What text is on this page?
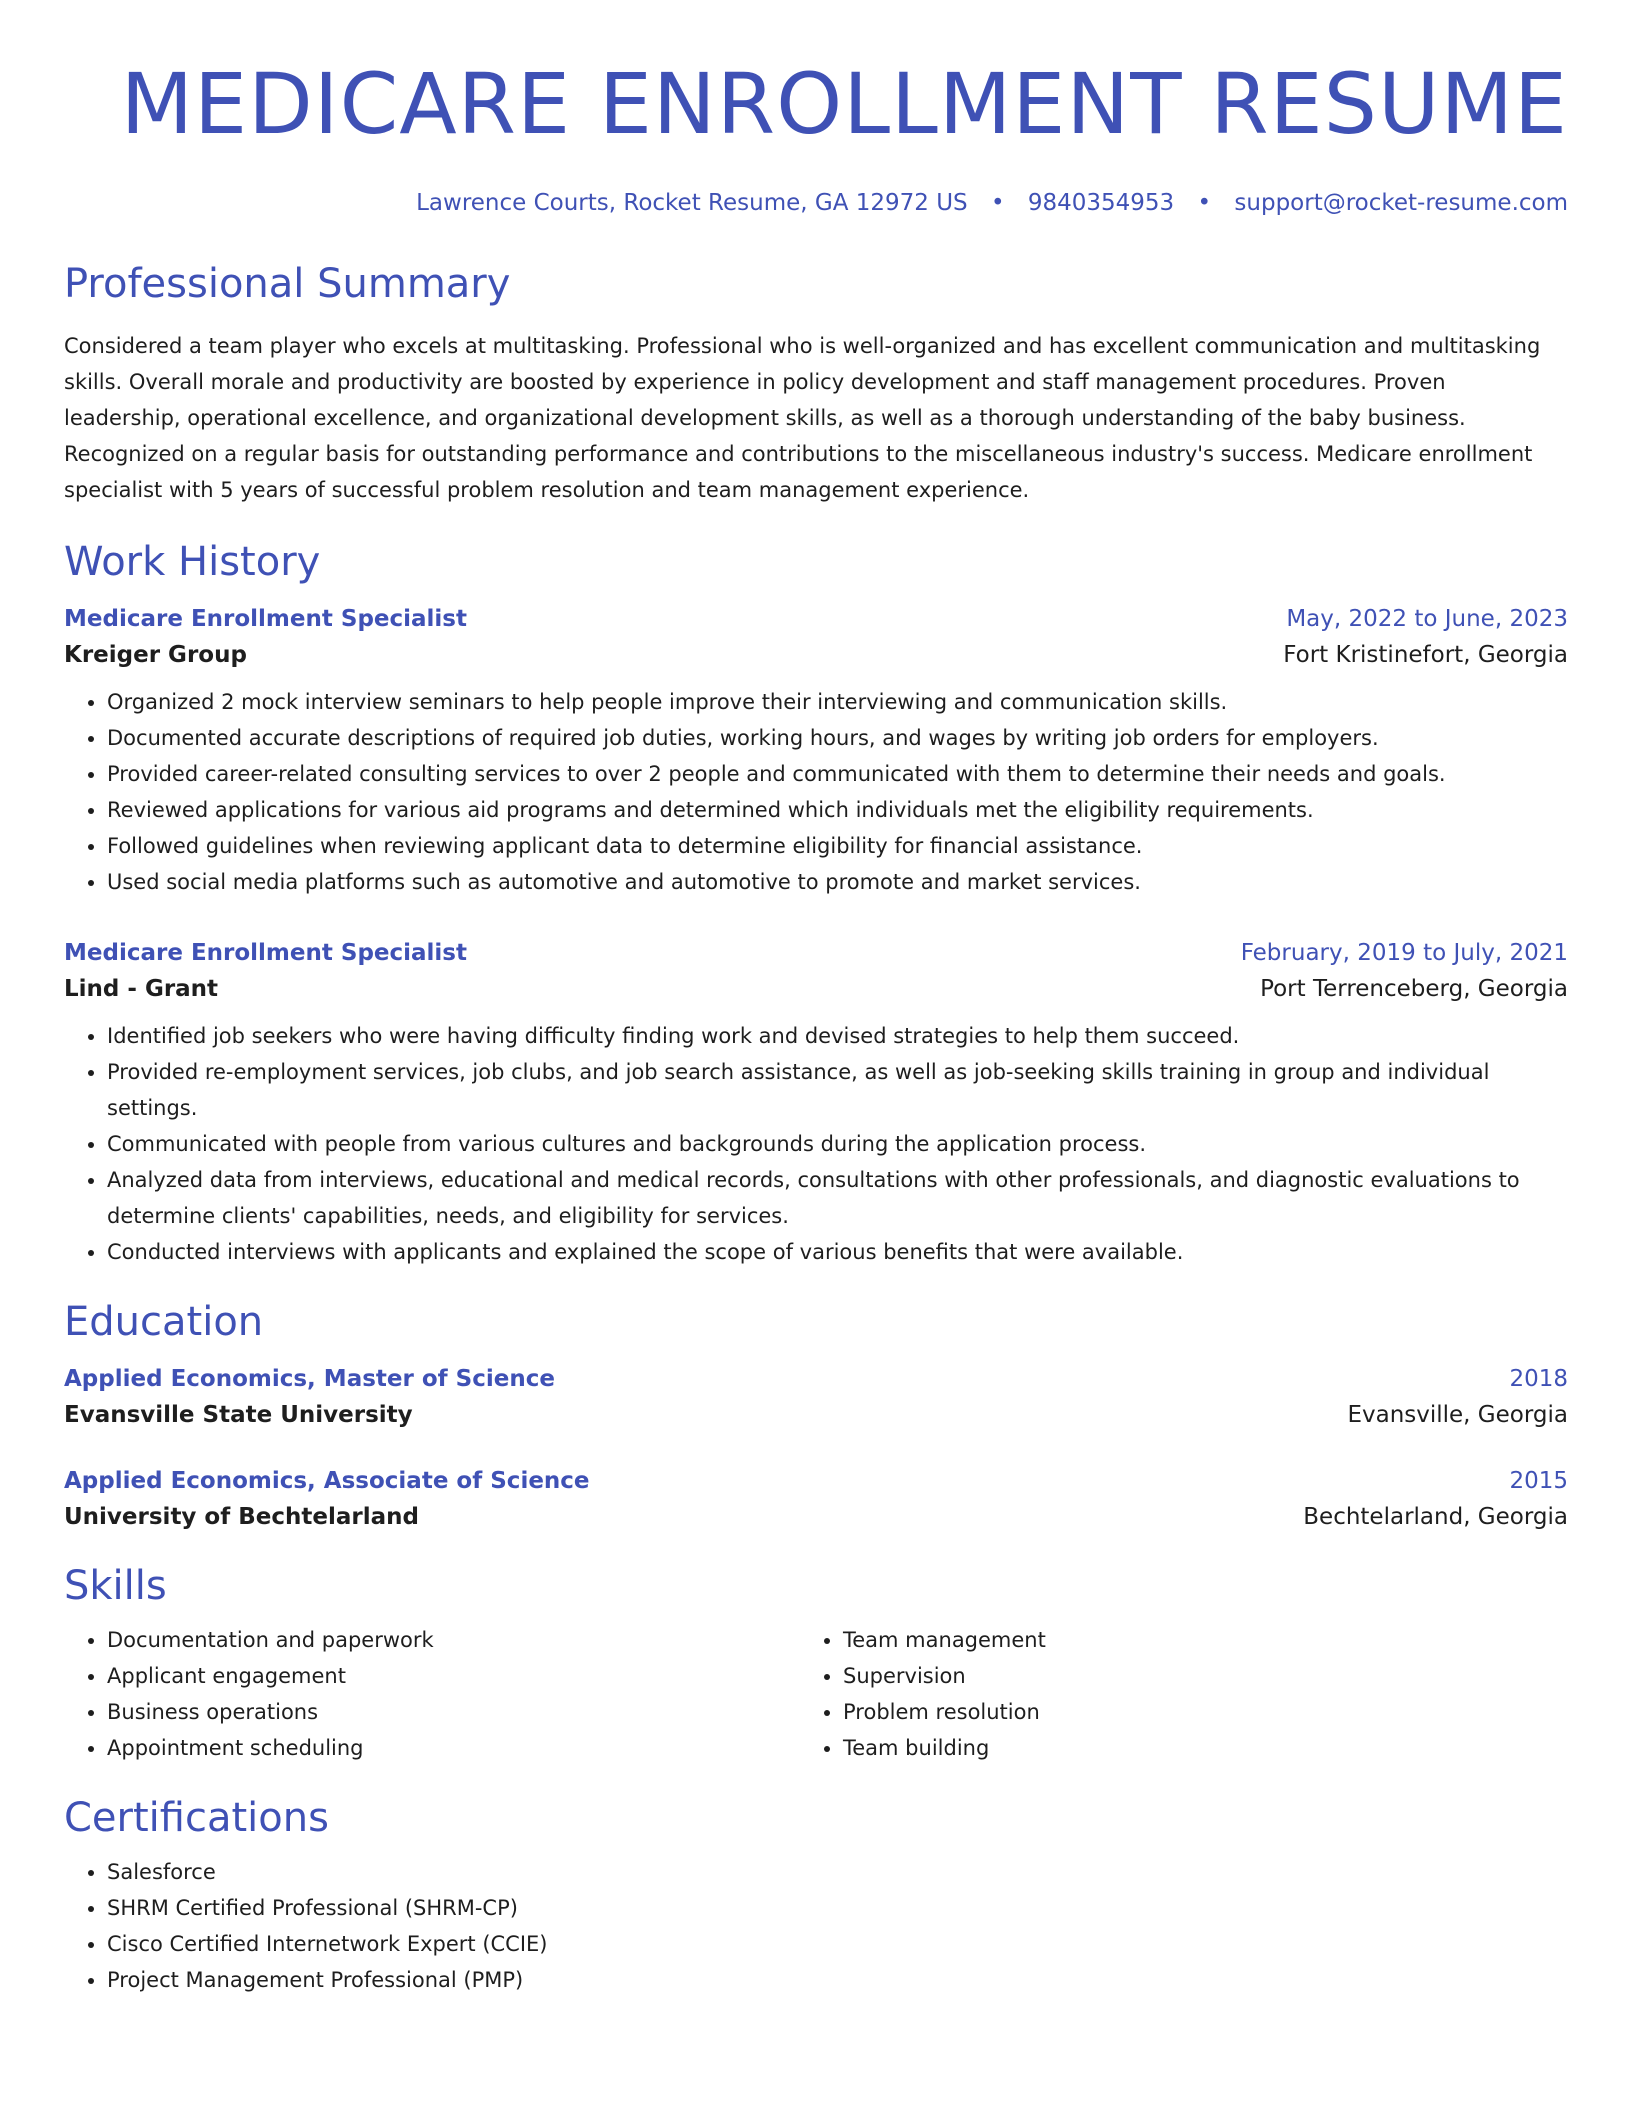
MEDICARE ENROLLMENT RESUME
Lawrence Courts, Rocket Resume, GA 12972 US • 9840354953 • support@rocket-resume.com
Professional Summary

Considered a team player who excels at multitasking. Professional who is well-organized and has excellent communication and multitasking skills. Overall morale and productivity are boosted by experience in policy development and staff management procedures. Proven leadership, operational excellence, and organizational development skills, as well as a thorough understanding of the baby business. Recognized on a regular basis for outstanding performance and contributions to the miscellaneous industry's success. Medicare enrollment specialist with 5 years of successful problem resolution and team management experience.

Work History
Medicare Enrollment Specialist	May, 2022 to June, 2023
Kreiger Group	Fort Kristinefort, Georgia
• Organized 2 mock interview seminars to help people improve their interviewing and communication skills.
• Documented accurate descriptions of required job duties, working hours, and wages by writing job orders for employers.
• Provided career-related consulting services to over 2 people and communicated with them to determine their needs and goals.
• Reviewed applications for various aid programs and determined which individuals met the eligibility requirements.
• Followed guidelines when reviewing applicant data to determine eligibility for financial assistance.
• Used social media platforms such as automotive and automotive to promote and market services.
Medicare Enrollment Specialist	February, 2019 to July, 2021
Lind - Grant	Port Terrenceberg, Georgia
• Identified job seekers who were having difficulty finding work and devised strategies to help them succeed.
• Provided re-employment services, job clubs, and job search assistance, as well as job-seeking skills training in group and individual settings.
• Communicated with people from various cultures and backgrounds during the application process.
• Analyzed data from interviews, educational and medical records, consultations with other professionals, and diagnostic evaluations to determine clients' capabilities, needs, and eligibility for services.
• Conducted interviews with applicants and explained the scope of various benefits that were available.
Education
Applied Economics, Master of Science	2018
Evansville State University	Evansville, Georgia
Applied Economics, Associate of Science	2015
University of Bechtelarland	Bechtelarland, Georgia
Skills
• Documentation and paperwork
• Applicant engagement
• Business operations
• Appointment scheduling
• Team management
• Supervision
• Problem resolution
• Team building
Certifications
• Salesforce
• SHRM Certified Professional (SHRM-CP)
• Cisco Certified Internetwork Expert (CCIE)
• Project Management Professional (PMP)
